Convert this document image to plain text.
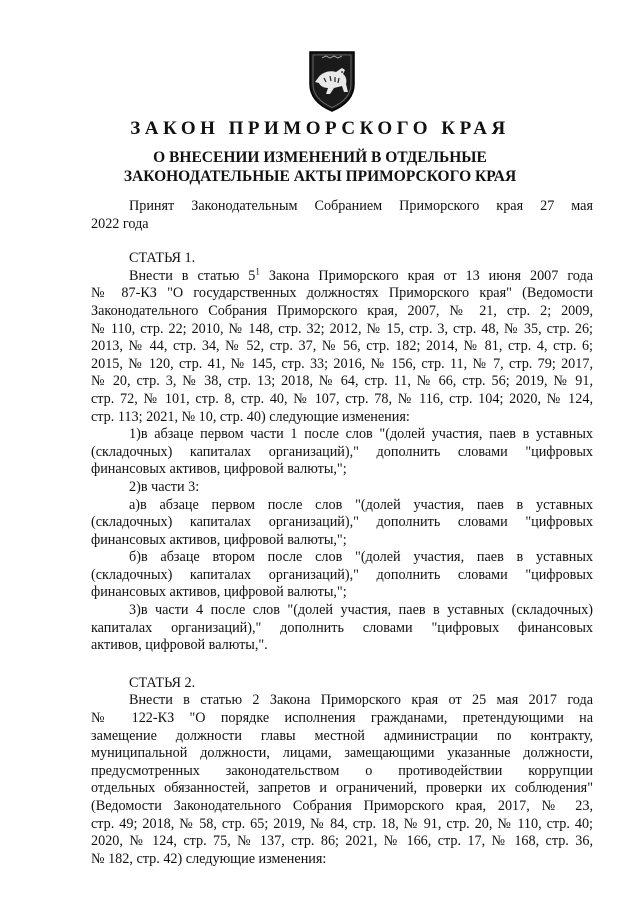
ЗАКОН ПРИМОРСКОГО КРАЯ
О ВНЕСЕНИИ ИЗМЕНЕНИЙ В ОТДЕЛЬНЫЕ
ЗАКОНОДАТЕЛЬНЫЕ АКТЫ ПРИМОРСКОГО КРАЯ

Принят Законодательным Собранием Приморского края 27 мая

2022 года

СТАТЬЯ 1.

Внести в статью $5^1$ Закона Приморского края от 13 июня 2007 года

№ 87-КЗ "О государственных должностях Приморского края" (Ведомости

Законодательного Собрания Приморского края, 2007, № 21, стр. 2; 2009,

№ 110, стр. 22; 2010, № 148, стр. 32; 2012, № 15, стр. 3, стр. 48, № 35, стр. 26;

2013, № 44, стр. 34, № 52, стр. 37, № 56, стр. 182; 2014, № 81, стр. 4, стр. 6;

2015, № 120, стр. 41, № 145, стр. 33; 2016, № 156, стр. 11, № 7, стр. 79; 2017,

№ 20, стр. 3, № 38, стр. 13; 2018, № 64, стр. 11, № 66, стр. 56; 2019, № 91,

стр. 72, № 101, стр. 8, стр. 40, № 107, стр. 78, № 116, стр. 104; 2020, № 124,

стр. 113; 2021, № 10, стр. 40) следующие изменения:

1)в абзаце первом части 1 после слов "(долей участия, паев в уставных

(складочных) капиталах организаций)," дополнить словами "цифровых

финансовых активов, цифровой валюты,";

2)в части 3:

а)в абзаце первом после слов "(долей участия, паев в уставных

(складочных) капиталах организаций)," дополнить словами "цифровых

финансовых активов, цифровой валюты,";

б)в абзаце втором после слов "(долей участия, паев в уставных

(складочных) капиталах организаций)," дополнить словами "цифровых

финансовых активов, цифровой валюты,";

3)в части 4 после слов "(долей участия, паев в уставных (складочных)

капиталах организаций)," дополнить словами "цифровых финансовых

активов, цифровой валюты,".

СТАТЬЯ 2.

Внести в статью 2 Закона Приморского края от 25 мая 2017 года

№ 122-КЗ "О порядке исполнения гражданами, претендующими на

замещение должности главы местной администрации по контракту,

муниципальной должности, лицами, замещающими указанные должности,

предусмотренных законодательством о противодействии коррупции

отдельных обязанностей, запретов и ограничений, проверки их соблюдения"

(Ведомости Законодательного Собрания Приморского края, 2017, № 23,

стр. 49; 2018, № 58, стр. 65; 2019, № 84, стр. 18, № 91, стр. 20, № 110, стр. 40;

2020, № 124, стр. 75, № 137, стр. 86; 2021, № 166, стр. 17, № 168, стр. 36,

№ 182, стр. 42) следующие изменения:
